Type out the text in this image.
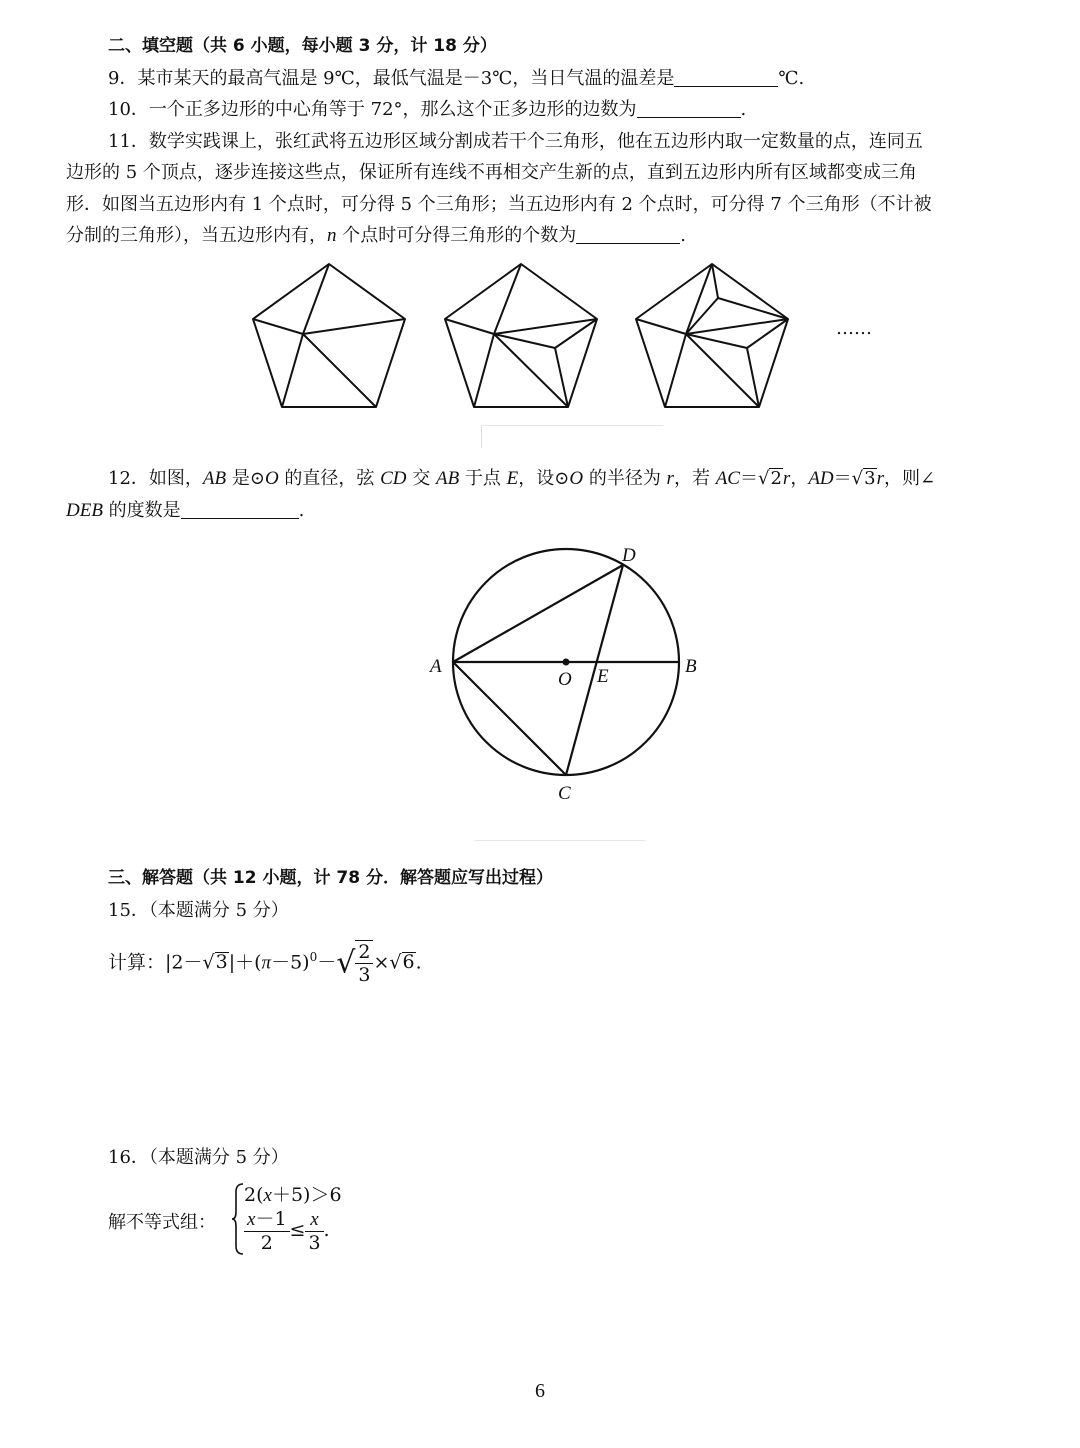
二、填空题（共 6 小题，每小题 3 分，计 18 分）
9．某市某天的最高气温是 9℃，最低气温是－3℃，当日气温的温差是	℃.
10．一个正多边形的中心角等于 72°，那么这个正多边形的边数为	.
11．数学实践课上，张红武将五边形区域分割成若干个三角形，他在五边形内取一定数量的点，连同五
边形的 5 个顶点，逐步连接这些点，保证所有连线不再相交产生新的点，直到五边形内所有区域都变成三角
形．如图当五边形内有 1 个点时，可分得 5 个三角形；当五边形内有 2 个点时，可分得 7 个三角形（不计被
分制的三角形），当五边形内有，n 个点时可分得三角形的个数为	.
……
12．如图，AB 是⊙O 的直径，弦 CD 交 AB 于点 E，设⊙O 的半径为 r，若 AC＝√2r，AD＝√3r，则∠
DEB 的度数是	.
A	B
C
D
O E
三、解答题（共 12 小题，计 78 分．解答题应写出过程）
15．（本题满分 5 分）
计算：$|2-√3|+(\pi-5)^0-√ \frac{2}{3} \times√6$.
16．（本题满分 5 分）
解不等式组：
2(x＋5)＞6
$\frac{x-1}{2} \le \frac{x}{3}$ .
6
